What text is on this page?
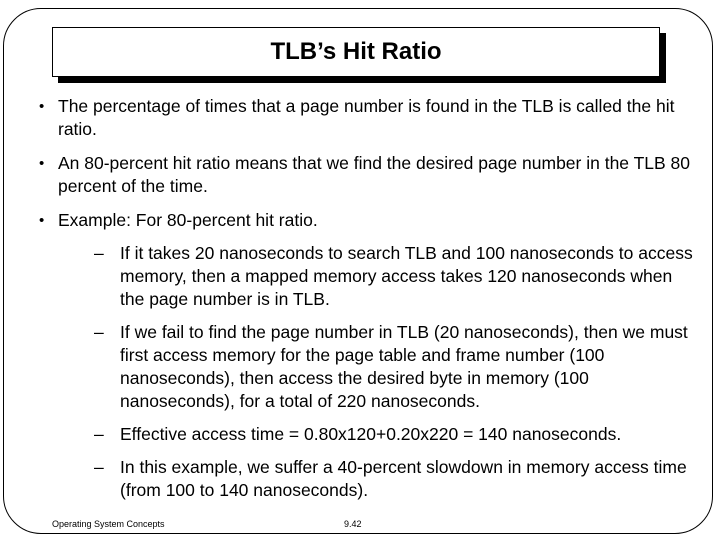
TLB’s Hit Ratio
• The percentage of times that a page number is found in the TLB is called the hit ratio.
• An 80-percent hit ratio means that we find the desired page number in the TLB 80 percent of the time.
• Example: For 80-percent hit ratio.
– If it takes 20 nanoseconds to search TLB and 100 nanoseconds to access memory, then a mapped memory access takes 120 nanoseconds when the page number is in TLB.
– If we fail to find the page number in TLB (20 nanoseconds), then we must first access memory for the page table and frame number (100 nanoseconds), then access the desired byte in memory (100 nanoseconds), for a total of 220 nanoseconds.
– Effective access time = 0.80x120+0.20x220 = 140 nanoseconds.
– In this example, we suffer a 40-percent slowdown in memory access time (from 100 to 140 nanoseconds).
Operating System Concepts	9.42
